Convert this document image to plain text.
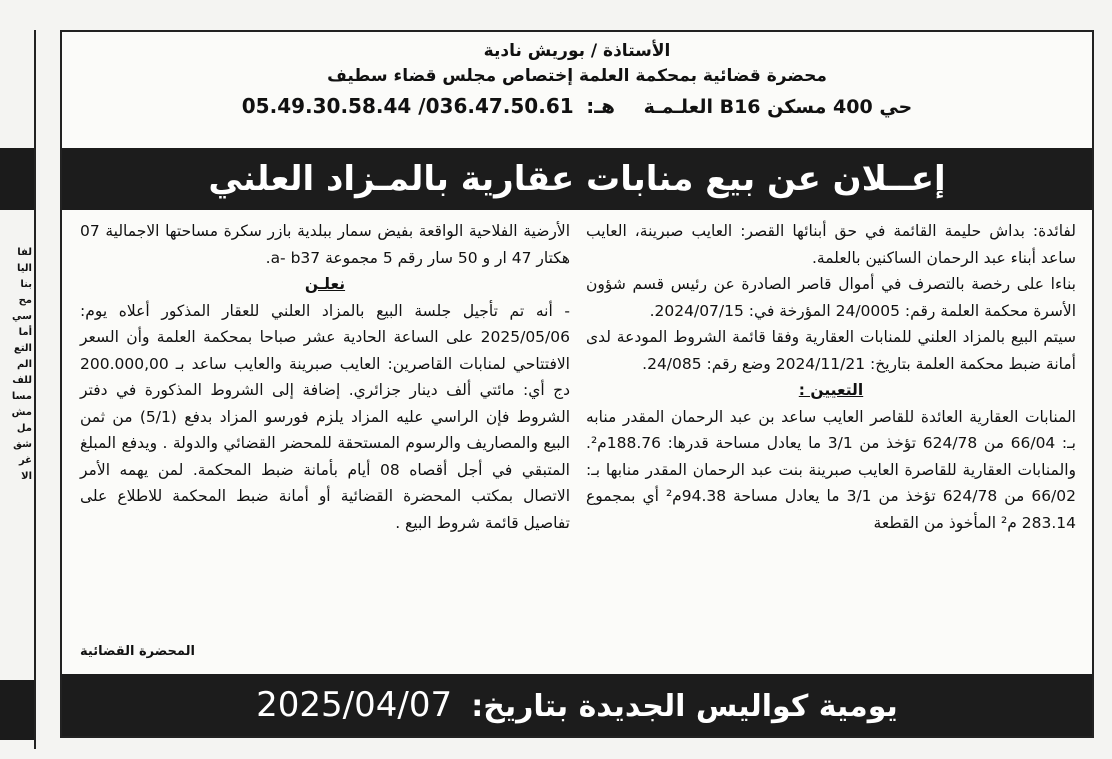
لفا
اليا
بنا
مح
سي
أما
التع
الم
للف
مسا
مش
مل
شق
غر
الا
الأستاذة / بوريش نادية
محضرة قضائية بمحكمة العلمة إختصاص مجلس قضاء سطيف
حي 400 مسكن B16 العلـمـة هـ: 036.47.50.61/ 05.49.30.58.44
إعــلان عن بيع منابات عقارية بالمـزاد العلني

لفائدة: بداش حليمة القائمة في حق أبنائها القصر: العايب صبرينة، العايب ساعد أبناء عبد الرحمان الساكنين بالعلمة.

بناءا على رخصة بالتصرف في أموال قاصر الصادرة عن رئيس قسم شؤون الأسرة محكمة العلمة رقم: 24/0005 المؤرخة في: 2024/07/15.

سيتم البيع بالمزاد العلني للمنابات العقارية وفقا قائمة الشروط المودعة لدى أمانة ضبط محكمة العلمة بتاريخ: 2024/11/21 وضع رقم: 24/085.

التعيين :

المنابات العقارية العائدة للقاصر العايب ساعد بن عبد الرحمان المقدر منابه بـ: 66/04 من 624/78 تؤخذ من 3/1 ما يعادل مساحة قدرها: 188.76م². والمنابات العقارية للقاصرة العايب صبرينة بنت عبد الرحمان المقدر منابها بـ: 66/02 من 624/78 تؤخذ من 3/1 ما يعادل مساحة 94.38م² أي بمجموع 283.14 م² المأخوذ من القطعة

الأرضية الفلاحية الواقعة بفيض سمار ببلدية بازر سكرة مساحتها الاجمالية 07 هكتار 47 ار و 50 سار رقم 5 مجموعة a- b37.

نعلـن

- أنه تم تأجيل جلسة البيع بالمزاد العلني للعقار المذكور أعلاه يوم: 2025/05/06 على الساعة الحادية عشر صباحا بمحكمة العلمة وأن السعر الافتتاحي لمنابات القاصرين: العايب صبرينة والعايب ساعد بـ 200.000,00 دج أي: مائتي ألف دينار جزائري. إضافة إلى الشروط المذكورة في دفتر الشروط فإن الراسي عليه المزاد يلزم فورسو المزاد بدفع (5/1) من ثمن البيع والمصاريف والرسوم المستحقة للمحضر القضائي والدولة . ويدفع المبلغ المتبقي في أجل أقصاه 08 أيام بأمانة ضبط المحكمة. لمن يهمه الأمر الاتصال بمكتب المحضرة القضائية أو أمانة ضبط المحكمة للاطلاع على تفاصيل قائمة شروط البيع .

المحضرة القضائية
يومية كواليس الجديدة بتاريخ: 2025/04/07
